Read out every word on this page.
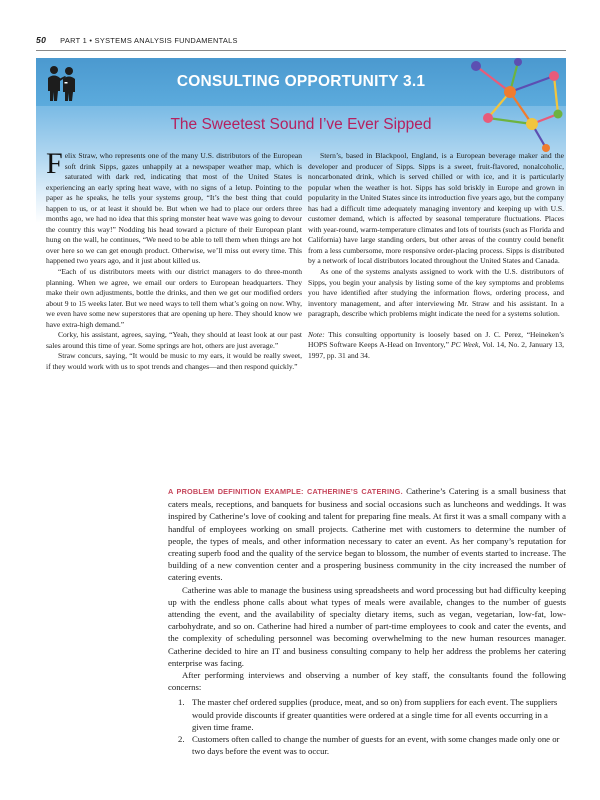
50 PART 1 • SYSTEMS ANALYSIS FUNDAMENTALS
CONSULTING OPPORTUNITY 3.1
The Sweetest Sound I’ve Ever Sipped

Felix Straw, who represents one of the many U.S. distributors of the European soft drink Sipps, gazes unhappily at a newspaper weather map, which is saturated with dark red, indicating that most of the United States is experiencing an early spring heat wave, with no signs of a letup. Pointing to the paper as he speaks, he tells your systems group, “It’s the best thing that could happen to us, or at least it should be. But when we had to place our orders three months ago, we had no idea that this spring monster heat wave was going to devour the country this way!” Nodding his head toward a picture of their European plant hung on the wall, he continues, “We need to be able to tell them when things are hot over here so we can get enough product. Otherwise, we’ll miss out every time. This happened two years ago, and it just about killed us.

“Each of us distributors meets with our district managers to do three-month planning. When we agree, we email our orders to European headquarters. They make their own adjustments, bottle the drinks, and then we get our modified orders about 9 to 15 weeks later. But we need ways to tell them what’s going on now. Why, we even have some new superstores that are opening up here. They should know we have extra-high demand.”

Corky, his assistant, agrees, saying, “Yeah, they should at least look at our past sales around this time of year. Some springs are hot, others are just average.”

Straw concurs, saying, “It would be music to my ears, it would be really sweet, if they would work with us to spot trends and changes—and then respond quickly.”

Stern’s, based in Blackpool, England, is a European beverage maker and the developer and producer of Sipps. Sipps is a sweet, fruit-flavored, nonalcoholic, noncarbonated drink, which is served chilled or with ice, and it is particularly popular when the weather is hot. Sipps has sold briskly in Europe and grown in popularity in the United States since its introduction five years ago, but the company has had a difficult time adequately managing inventory and keeping up with U.S. customer demand, which is affected by seasonal temperature fluctuations. Places with year-round, warm-temperature climates and lots of tourists (such as Florida and California) have large standing orders, but other areas of the country could benefit from a less cumbersome, more responsive order-placing process. Sipps is distributed by a network of local distributors located throughout the United States and Canada.

As one of the systems analysts assigned to work with the U.S. distributors of Sipps, you begin your analysis by listing some of the key symptoms and problems you have identified after studying the information flows, ordering process, and inventory management, and after interviewing Mr. Straw and his assistant. In a paragraph, describe which problems might indicate the need for a systems solution.

Note: This consulting opportunity is loosely based on J. C. Perez, “Heineken’s HOPS Software Keeps A-Head on Inventory,” PC Week, Vol. 14, No. 2, January 13, 1997, pp. 31 and 34.

A PROBLEM DEFINITION EXAMPLE: CATHERINE’S CATERING. Catherine’s Catering is a small business that caters meals, receptions, and banquets for business and social occasions such as luncheons and weddings. It was inspired by Catherine’s love of cooking and talent for preparing fine meals. At first it was a small company with a handful of employees working on small projects. Catherine met with customers to determine the number of people, the types of meals, and other information necessary to cater an event. As her company’s reputation for creating superb food and the quality of the service began to blossom, the number of events started to increase. The building of a new convention center and a prospering business community in the city increased the number of catering events.

Catherine was able to manage the business using spreadsheets and word processing but had difficulty keeping up with the endless phone calls about what types of meals were available, changes to the number of guests attending the event, and the availability of specialty dietary items, such as vegan, vegetarian, low-fat, low-carbohydrate, and so on. Catherine had hired a number of part-time employees to cook and cater the events, and the complexity of scheduling personnel was becoming overwhelming to the new human resources manager. Catherine decided to hire an IT and business consulting company to help her address the problems her catering enterprise was facing.

After performing interviews and observing a number of key staff, the consultants found the following concerns:

1. The master chef ordered supplies (produce, meat, and so on) from suppliers for each event. The suppliers would provide discounts if greater quantities were ordered at a single time for all events occurring in a given time frame.
2. Customers often called to change the number of guests for an event, with some changes made only one or two days before the event was to occur.
